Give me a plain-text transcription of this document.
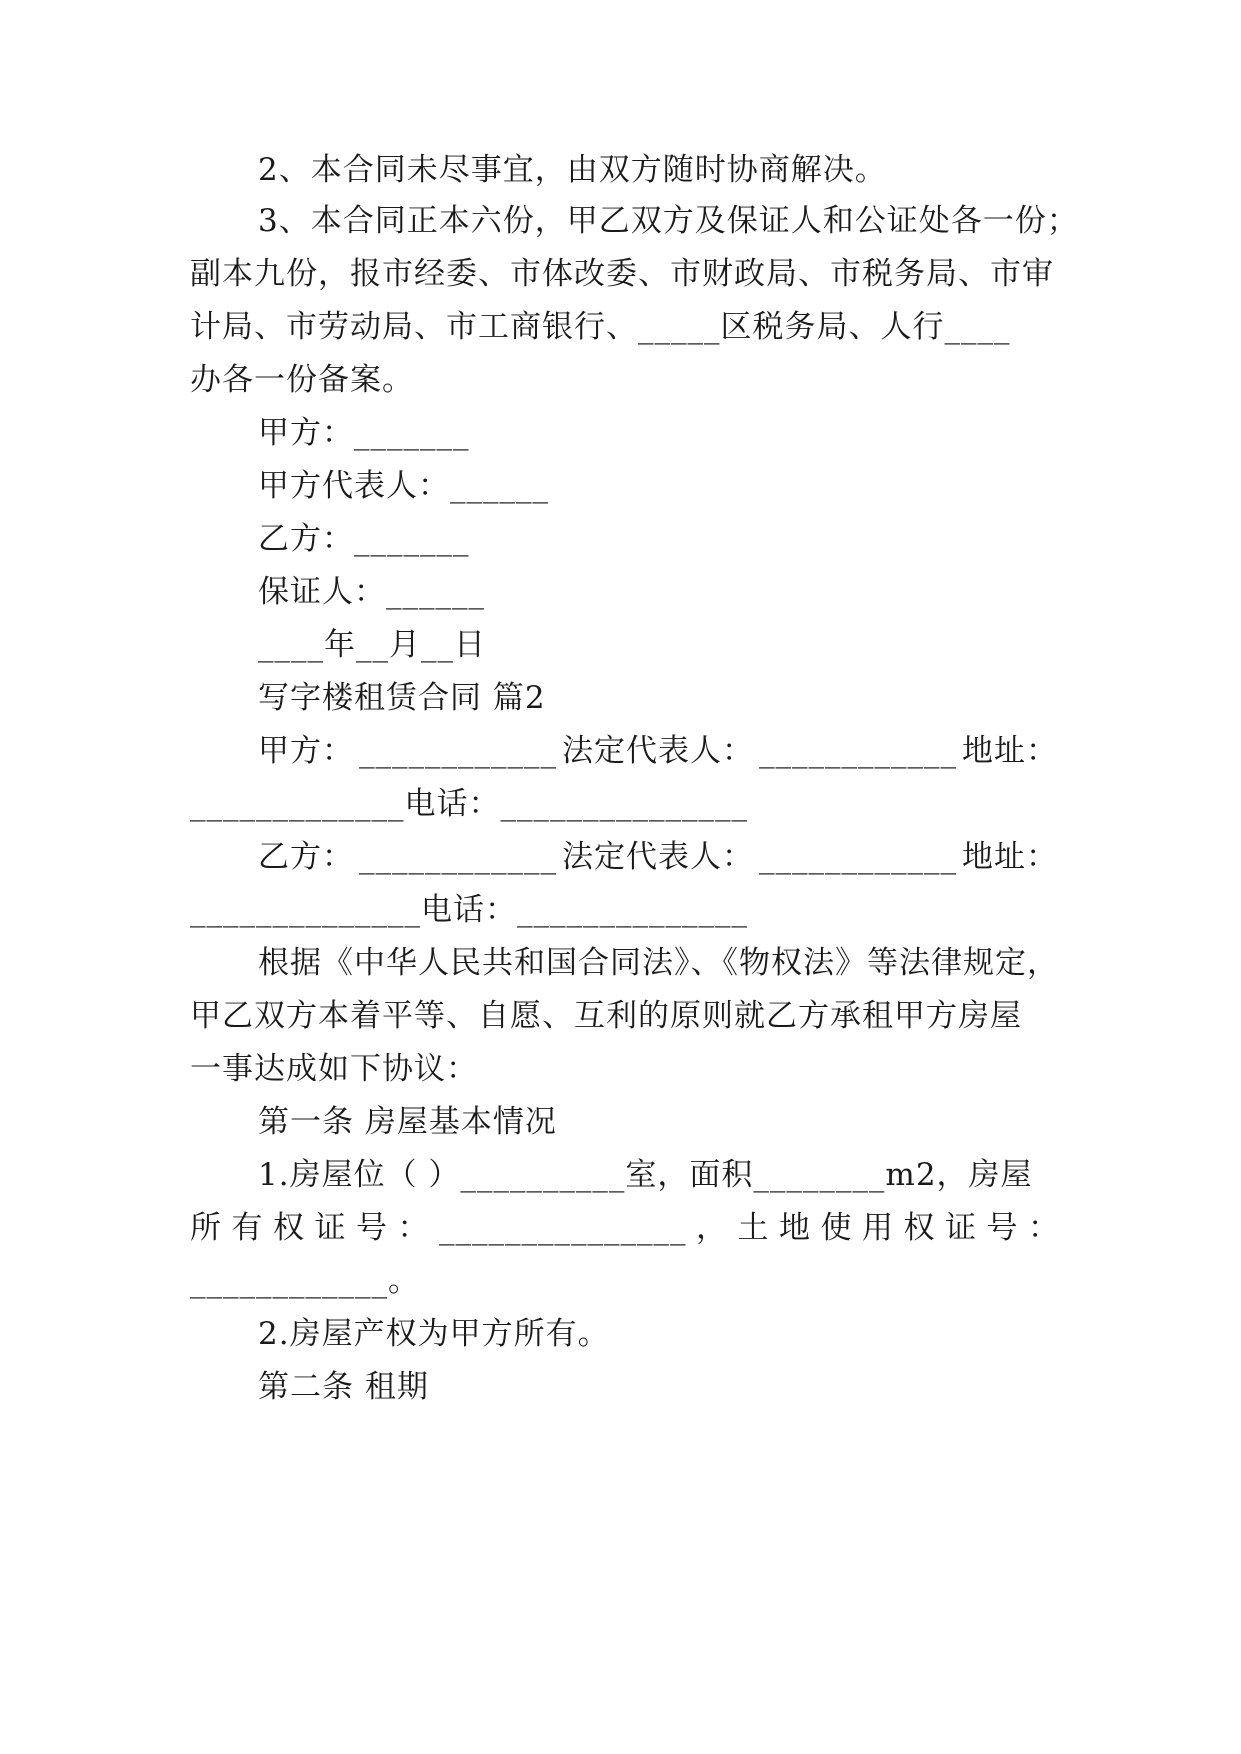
2、本合同未尽事宜，由双方随时协商解决。
3、本合同正本六份，甲乙双方及保证人和公证处各一份；
副本九份，报市经委、市体改委、市财政局、市税务局、市审
计局、市劳动局、市工商银行、_____区税务局、人行____
办各一份备案。
甲方：_______
甲方代表人：______
乙方：_______
保证人：______
____年__月__日
写字楼租赁合同 篇2
甲方： ____________ 法定代表人： ____________ 地址：
_____________电话：_______________
乙方： ____________ 法定代表人： ____________ 地址：
______________电话：______________
根据《中华人民共和国合同法》、《物权法》等法律规定，
甲乙双方本着平等、自愿、互利的原则就乙方承租甲方房屋
一事达成如下协议：
第一条 房屋基本情况
1.房屋位（ ）__________室，面积________m2，房屋
所 有 权 证 号 ： _______________ ， 土 地 使 用 权 证 号 ：
____________。
2.房屋产权为甲方所有。
第二条 租期
